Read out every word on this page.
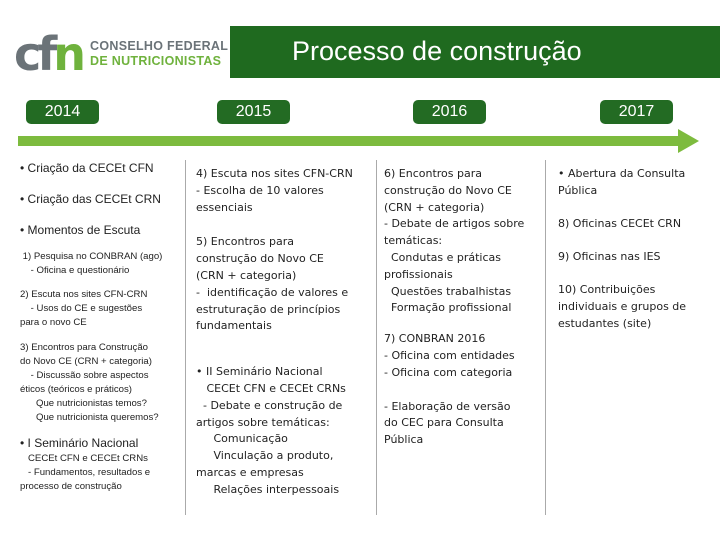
cfn CONSELHO FEDERAL
DE NUTRICIONISTAS	Processo de construção
2014	2015	2016	2017
• Criação da CECEt CFN
• Criação das CECEt CRN
• Momentos de Escuta
1) Pesquisa no CONBRAN (ago)
- Oficina e questionário
2) Escuta nos sites CFN-CRN
- Usos do CE e sugestões
para o novo CE
3) Encontros para Construção
do Novo CE (CRN + categoria)
- Discussão sobre aspectos
éticos (teóricos e práticos)
Que nutricionistas temos?
Que nutricionista queremos?
• I Seminário Nacional
CECEt CFN e CECEt CRNs
- Fundamentos, resultados e
processo de construção
4) Escuta nos sites CFN-CRN
- Escolha de 10 valores
essenciais
5) Encontros para
construção do Novo CE
(CRN + categoria)
-  identificação de valores e
estruturação de princípios
fundamentais
• II Seminário Nacional
CECEt CFN e CECEt CRNs
- Debate e construção de
artigos sobre temáticas:
Comunicação
Vinculação a produto,
marcas e empresas
Relações interpessoais
6) Encontros para
construção do Novo CE
(CRN + categoria)
- Debate de artigos sobre
temáticas:
Condutas e práticas
profissionais
Questões trabalhistas
Formação profissional
7) CONBRAN 2016
- Oficina com entidades
- Oficina com categoria
- Elaboração de versão
do CEC para Consulta
Pública
• Abertura da Consulta
Pública
8) Oficinas CECEt CRN
9) Oficinas nas IES
10) Contribuições
individuais e grupos de
estudantes (site)
